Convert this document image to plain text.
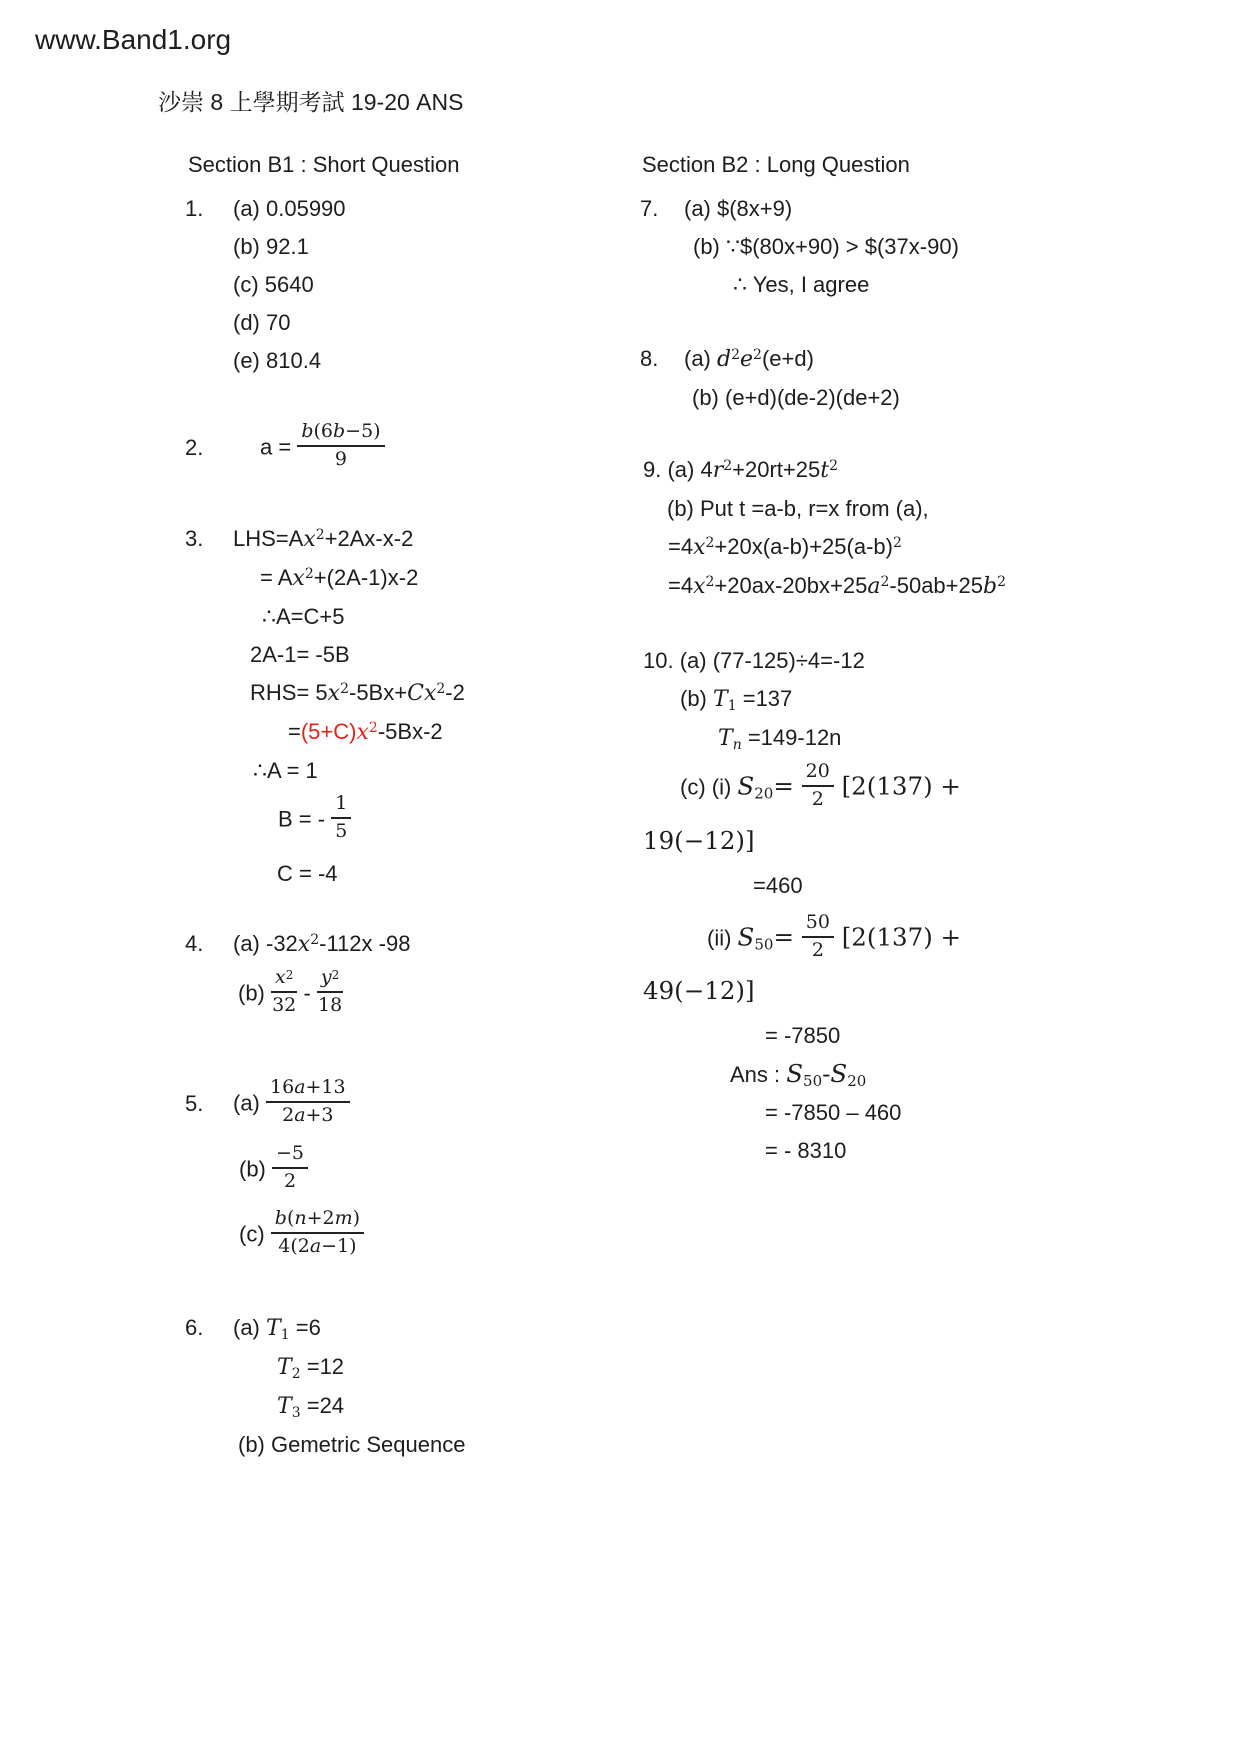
www.Band1.org
沙崇 8 上學期考試 19-20 ANS
Section B1 : Short Question
1. (a) 0.05990
(b) 92.1
(c) 5640
(d) 70
(e) 810.4
2.	$a = \frac{b(6b-5)}{9}$
3. $LHS=Ax^2+2Ax-x-2$
= $Ax^2+(2A-1)x-2$
∴A=C+5
2A-1= -5B
$RHS= 5x^2-5Bx+Cx^2-2$
$=(5+C)x^2-5Bx-2$
∴A = 1
B = - $\frac{1}{5}$
C = -4
4. (a) $-32x^2-112x$ -98
$(b) \frac{x^2}{32} - \frac{y^2}{18}$
5. $(a) \frac{16a+13}{2a+3}$
$(b) \frac{-5}{2}$
$(c) \frac{b(n+2m)}{4(2a-1)}$
6. (a) $T_1 =6$
$T_2 =12$
$T_3 =24$
(b) Gemetric Sequence
Section B2 : Long Question
7. (a) $(8x+9)
(b) ∵$(80x+90) > $(37x-90)
∴ Yes, I agree
8. (a) $d^2e^2(e+d)$
(b) (e+d)(de-2)(de+2)
9. (a) $4r^2+20rt+25t^2$
(b) Put t =a-b, r=x from (a),
$=4x^2+20x(a-b)+25(a-b)^2$
$=4x^2+20ax-20bx+25a^2-50ab+25b^2$
10. (a) (77-125)÷4=-12
(b) $T_1 =137$
$T_n =149-12n$
(c) (i) $S_{20}= \frac{20}{2} [2(137)$ +
19(−12)]
=460
(ii) $S_{50}= \frac{50}{2} [2(137)$ +
49(−12)]
= -7850
Ans : $S_{50}-S_{20}$
= -7850 – 460
= - 8310
